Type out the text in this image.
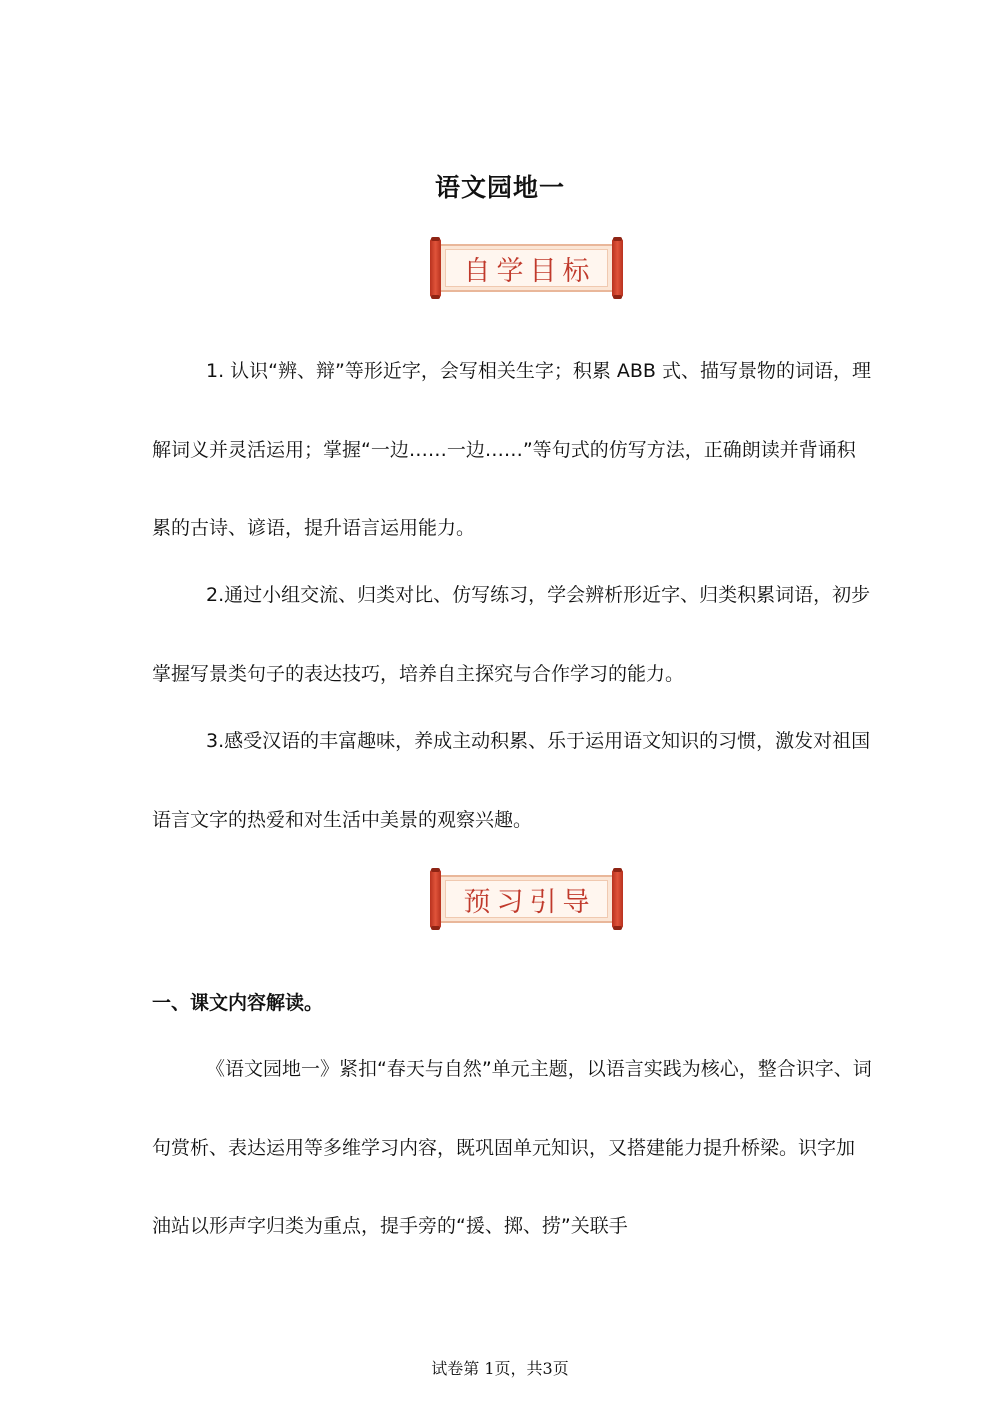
语文园地一
自学目标

1. 认识“辨、辩”等形近字，会写相关生字；积累 ABB 式、描写景物的词语，理解词义并灵活运用；掌握“一边……一边……”等句式的仿写方法，正确朗读并背诵积累的古诗、谚语，提升语言运用能力。

2.通过小组交流、归类对比、仿写练习，学会辨析形近字、归类积累词语，初步掌握写景类句子的表达技巧，培养自主探究与合作学习的能力。

3.感受汉语的丰富趣味，养成主动积累、乐于运用语文知识的习惯，激发对祖国语言文字的热爱和对生活中美景的观察兴趣。

预习引导

一、课文内容解读。

《语文园地一》紧扣“春天与自然”单元主题，以语言实践为核心，整合识字、词句赏析、表达运用等多维学习内容，既巩固单元知识，又搭建能力提升桥梁。识字加油站以形声字归类为重点，提手旁的“援、掷、捞”关联手

试卷第 1页，共3页
